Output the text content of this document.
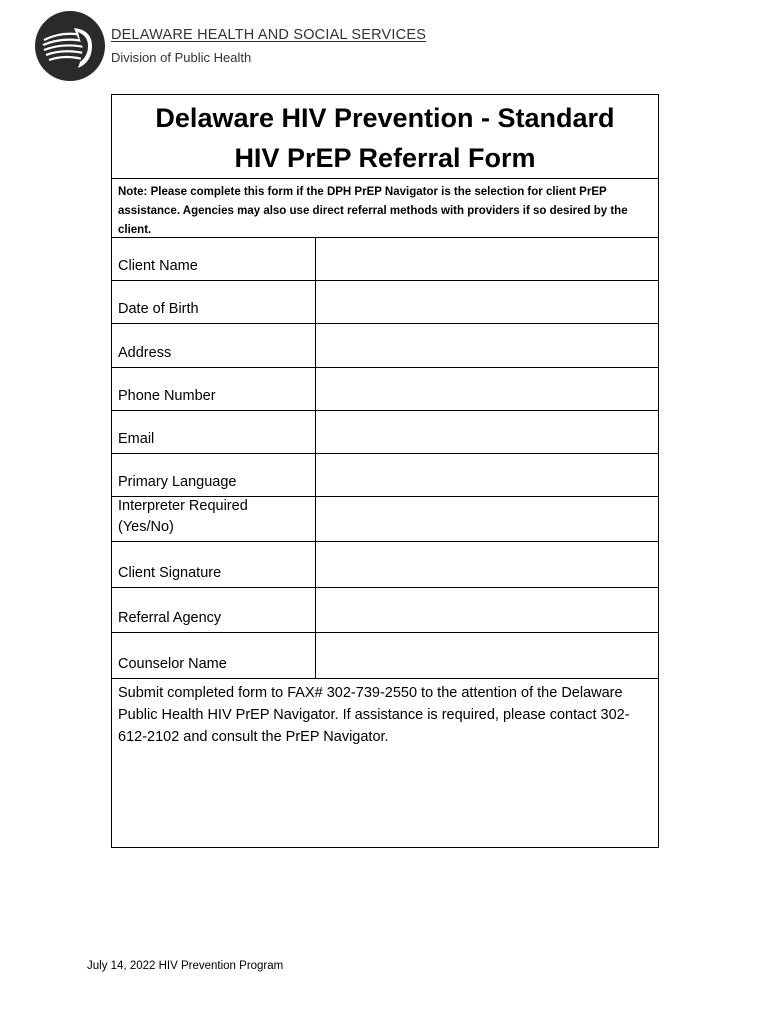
DELAWARE HEALTH AND SOCIAL SERVICES
Division of Public Health
Delaware HIV Prevention - Standard
HIV PrEP Referral Form
Note: Please complete this form if the DPH PrEP Navigator is the selection for client PrEP assistance. Agencies may also use direct referral methods with providers if so desired by the client.
Client Name
Date of Birth
Address
Phone Number
Email
Primary Language
Interpreter Required
(Yes/No)
Client Signature
Referral Agency
Counselor Name
Submit completed form to FAX# 302-739-2550 to the attention of the Delaware Public Health HIV PrEP Navigator. If assistance is required, please contact 302-612-2102 and consult the PrEP Navigator.
July 14, 2022 HIV Prevention Program
